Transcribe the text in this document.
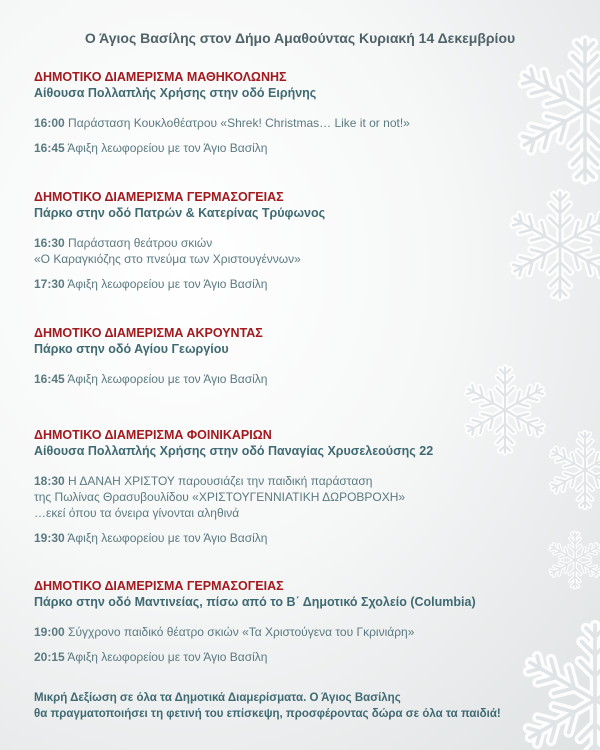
Ο Άγιος Βασίλης στον Δήμο Αμαθούντας Κυριακή 14 Δεκεμβρίου
ΔΗΜΟΤΙΚΟ ΔΙΑΜΕΡΙΣΜΑ ΜΑΘΗΚΟΛΩΝΗΣ
Αίθουσα Πολλαπλής Χρήσης στην οδό Ειρήνης
16:00 Παράσταση Κουκλοθέατρου «Shrek! Christmas… Like it or not!»
16:45 Άφιξη λεωφορείου με τον Άγιο Βασίλη
ΔΗΜΟΤΙΚΟ ΔΙΑΜΕΡΙΣΜΑ ΓΕΡΜΑΣΟΓΕΙΑΣ
Πάρκο στην οδό Πατρών & Κατερίνας Τρύφωνος
16:30 Παράσταση θεάτρου σκιών
«Ο Καραγκιόζης στο πνεύμα των Χριστουγέννων»
17:30 Άφιξη λεωφορείου με τον Άγιο Βασίλη
ΔΗΜΟΤΙΚΟ ΔΙΑΜΕΡΙΣΜΑ ΑΚΡΟΥΝΤΑΣ
Πάρκο στην οδό Αγίου Γεωργίου
16:45 Άφιξη λεωφορείου με τον Άγιο Βασίλη
ΔΗΜΟΤΙΚΟ ΔΙΑΜΕΡΙΣΜΑ ΦΟΙΝΙΚΑΡΙΩΝ
Αίθουσα Πολλαπλής Χρήσης στην οδό Παναγίας Χρυσελεούσης 22
18:30 Η ΔΑΝΑΗ ΧΡΙΣΤΟΥ παρουσιάζει την παιδική παράσταση
της Πωλίνας Θρασυβουλίδου «ΧΡΙΣΤΟΥΓΕΝΝΙΑΤΙΚΗ ΔΩΡΟΒΡΟΧΗ»
…εκεί όπου τα όνειρα γίνονται αληθινά
19:30 Άφιξη λεωφορείου με τον Άγιο Βασίλη
ΔΗΜΟΤΙΚΟ ΔΙΑΜΕΡΙΣΜΑ ΓΕΡΜΑΣΟΓΕΙΑΣ
Πάρκο στην οδό Μαντινείας, πίσω από το Β΄ Δημοτικό Σχολείο (Columbia)
19:00 Σύγχρονο παιδικό θέατρο σκιών «Τα Χριστούγενα του Γκρινιάρη»
20:15 Άφιξη λεωφορείου με τον Άγιο Βασίλη
Μικρή Δεξίωση σε όλα τα Δημοτικά Διαμερίσματα. Ο Άγιος Βασίλης
θα πραγματοποιήσει τη φετινή του επίσκεψη, προσφέροντας δώρα σε όλα τα παιδιά!
